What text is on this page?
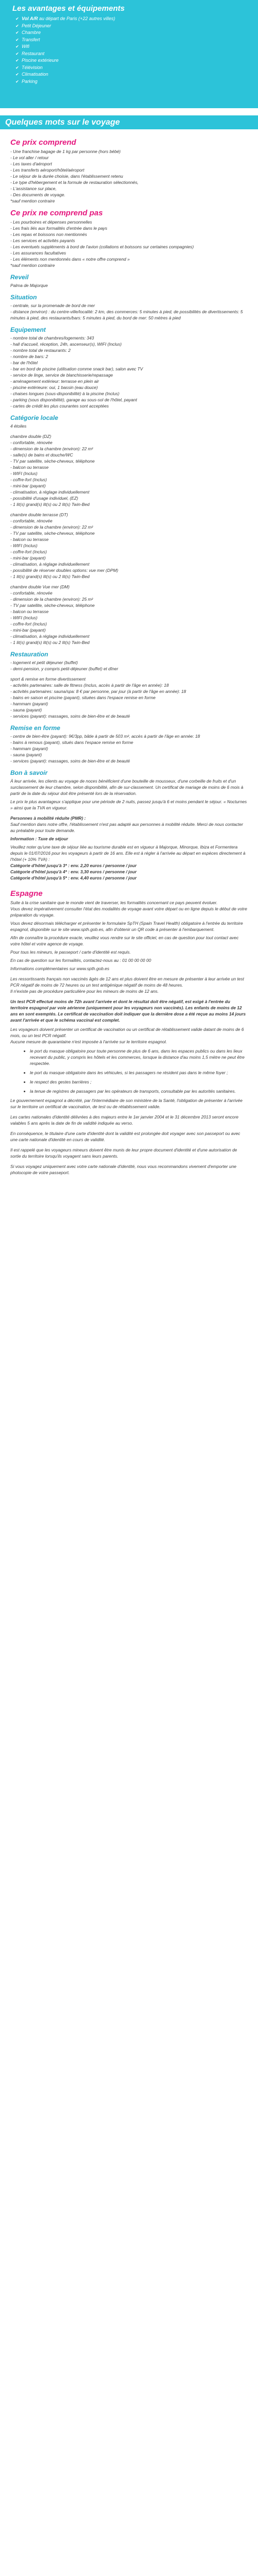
Les avantages et équipements
✔ Vol A/R au départ de Paris (+22 autres villes)
✔ Petit Déjeuner
✔ Chambre
✔ Transfert
✔ Wifi
✔ Restaurant
✔ Piscine extérieure
✔ Télévision
✔ Climatisation
✔ Parking
Quelques mots sur le voyage
Ce prix comprend

- Une franchise bagage de 1 kg par personne (hors bébé)

- Le vol aller / retour

- Les taxes d'aéroport

- Les transferts aéroport/hôtel/aéroport

- Le séjour de la durée choisie, dans l'établissement retenu

- Le type d'hébergement et la formule de restauration sélectionnés,

- L'assistance sur place,

- Des documents de voyage.

*sauf mention contraire

Ce prix ne comprend pas

- Les pourboires et dépenses personnelles

- Les frais liés aux formalités d'entrée dans le pays

- Les repas et boissons non mentionnés

- Les services et activités payants

- Les eventuels suppléments à bord de l'avion (collations et boissons sur certaines compagnies)

- Les assurances facultatives

- Les éléments non mentionnés dans « notre offre comprend »

*sauf mention contraire

Reveil

Palma de Majorque

Situation

- centrale, sur la promenade de bord de mer

- distance (environ) : du centre-ville/localité: 2 km, des commerces: 5 minutes à pied, de possibilités de divertissements: 5 minutes à pied, des restaurants/bars: 5 minutes à pied, du bord de mer: 50 mètres à pied

Equipement

- nombre total de chambres/logements: 343

- hall d'accueil, réception, 24h, ascenseur(s), WIFI (Inclus)

- nombre total de restaurants: 2

- nombre de bars: 2

- bar de l'hôtel

- bar en bord de piscine (utilisation comme snack bar), salon avec TV

- service de linge, service de blanchisserie/repassage

- aménagement extérieur: terrasse en plein air

- piscine extérieure: oui, 1 bassin (eau douce)

- chaises longues (sous-disponibilité) à la piscine (Inclus)

- parking (sous disponibilité), garage au sous-sol de l'hôtel, payant

- cartes de crédit les plus courantes sont acceptées

Catégorie locale

4 étoiles

chambre double (DZ)

- confortable, rénovée

- dimension de la chambre (environ): 22 m²

- salle(s) de bains et douche/WC

- TV par satellite, sèche-cheveux, téléphone

- balcon ou terrasse

- WIFI (Inclus)

- coffre-fort (Inclus)

- mini-bar (payant)

- climatisation, à réglage individuellement

- possibilité d'usage individuel, (EZ)

- 1 lit(s) grand(s) lit(s) ou 2 lit(s) Twin-Bed

chambre double terrasse (DT)

- confortable, rénovée

- dimension de la chambre (environ): 22 m²

- TV par satellite, sèche-cheveux, téléphone

- balcon ou terrasse

- WIFI (Inclus)

- coffre-fort (Inclus)

- mini-bar (payant)

- climatisation, à réglage individuellement

- possibilité de réserver doubles options: vue mer (DPM)

- 1 lit(s) grand(s) lit(s) ou 2 lit(s) Twin-Bed

chambre double Vue mer (DM)

- confortable, rénovée

- dimension de la chambre (environ): 25 m²

- TV par satellite, sèche-cheveux, téléphone

- balcon ou terrasse

- WIFI (Inclus)

- coffre-fort (Inclus)

- mini-bar (payant)

- climatisation, à réglage individuellement

- 1 lit(s) grand(s) lit(s) ou 2 lit(s) Twin-Bed

Restauration

- logement et petit déjeuner (buffet)

- demi-pension, y compris petit-déjeuner (buffet) et dîner

sport & remise en forme divertissement

- activités partenaires: salle de fitness (Inclus, accès à partir de l'âge en année): 18

- activités partenaires: sauna/spa: 8 € par personne, par jour (à partir de l'âge en année): 18

- bains en saison et piscine (payant), situées dans l'espace remise en forme

- hammam (payant)

- sauna (payant)

- services (payant): massages, soins de bien-être et de beauté

Remise en forme

- centre de bien-être (payant): 9€/3pp, bâtie à partir de 503 m², accès à partir de l'âge en année: 18

- bains à remous (payant), situés dans l'espace remise en forme

- hammam (payant)

- sauna (payant)

- services (payant): massages, soins de bien-être et de beauté

Bon à savoir

À leur arrivée, les clients au voyage de noces bénéficient d'une bouteille de mousseux, d'une corbeille de fruits et d'un surclassement de leur chambre, selon disponibilité, afin de sur-classement. Un certificat de mariage de moins de 6 mois à partir de la date du séjour doit être présenté lors de la réservation.

Le prix le plus avantageux s'applique pour une période de 2 nuits, passez jusqu'à 6 et moins pendant le séjour. « Nocturnes » ainsi que la TVA en vigueur.

Personnes à mobilité réduite (PMR) :

Sauf mention dans notre offre, l'établissement n'est pas adapté aux personnes à mobilité réduite. Merci de nous contacter au préalable pour toute demande.

Information : Taxe de séjour

Veuillez noter qu'une taxe de séjour liée au tourisme durable est en vigueur à Majorque, Minorque, Ibiza et Formentera depuis le 01/07/2016 pour les voyageurs à partir de 16 ans. Elle est à régler à l'arrivée au départ en espèces directement à l'hôtel (+ 10% TVA) :

Catégorie d'hôtel jusqu'à 3* : env. 2,20 euros / personne / jour

Catégorie d'hôtel jusqu'à 4* : env. 3,30 euros / personne / jour

Catégorie d'hôtel jusqu'à 5* : env. 4,40 euros / personne / jour

Espagne

Suite à la crise sanitaire que le monde vient de traverser, les formalités concernant ce pays peuvent évoluer.

Vous devez impérativement consulter l'état des modalités de voyage avant votre départ ou en ligne depuis le début de votre préparation du voyage.

Vous devez désormais télécharger et présenter le formulaire SpTH (Spain Travel Health) obligatoire à l'entrée du territoire espagnol, disponible sur le site www.spth.gob.es, afin d'obtenir un QR code à présenter à l'embarquement.

Afin de connaître la procédure exacte, veuillez vous rendre sur le site officiel, en cas de question pour tout contact avec votre hôtel et votre agence de voyage.

Pour tous les mineurs, le passeport / carte d'identité est requis.

En cas de question sur les formalités, contactez-nous au : 01 00 00 00 00

Informations complémentaires sur www.spth.gob.es

Les ressortissants français non vaccinés âgés de 12 ans et plus doivent être en mesure de présenter à leur arrivée un test PCR négatif de moins de 72 heures ou un test antigénique négatif de moins de 48 heures.

Il n'existe pas de procédure particulière pour les mineurs de moins de 12 ans.

Un test PCR effectué moins de 72h avant l'arrivée et dont le résultat doit être négatif, est exigé à l'entrée du territoire espagnol par voie aérienne (uniquement pour les voyageurs non vaccinés). Les enfants de moins de 12 ans en sont exemptés. Le certificat de vaccination doit indiquer que la dernière dose a été reçue au moins 14 jours avant l'arrivée et que le schéma vaccinal est complet.

Les voyageurs doivent présenter un certificat de vaccination ou un certificat de rétablissement valide datant de moins de 6 mois, ou un test PCR négatif.

Aucune mesure de quarantaine n'est imposée à l'arrivée sur le territoire espagnol.

• le port du masque obligatoire pour toute personne de plus de 6 ans, dans les espaces publics ou dans les lieux recevant du public, y compris les hôtels et les commerces, lorsque la distance d'au moins 1,5 mètre ne peut être respectée.
• le port du masque obligatoire dans les véhicules, si les passagers ne résident pas dans le même foyer ;
• le respect des gestes barrières ;
• la tenue de registres de passagers par les opérateurs de transports, consultable par les autorités sanitaires.

Le gouvernement espagnol a décrété, par l'intermédiaire de son ministère de la Santé, l'obligation de présenter à l'arrivée sur le territoire un certificat de vaccination, de test ou de rétablissement valide.

Les cartes nationales d'identité délivrées à des majeurs entre le 1er janvier 2004 et le 31 décembre 2013 seront encore valables 5 ans après la date de fin de validité indiquée au verso.

En conséquence, le titulaire d'une carte d'identité dont la validité est prolongée doit voyager avec son passeport ou avec une carte nationale d'identité en cours de validité.

Il est rappelé que les voyageurs mineurs doivent être munis de leur propre document d'identité et d'une autorisation de sortie du territoire lorsqu'ils voyagent sans leurs parents.

Si vous voyagez uniquement avec votre carte nationale d'identité, nous vous recommandons vivement d'emporter une photocopie de votre passeport.
